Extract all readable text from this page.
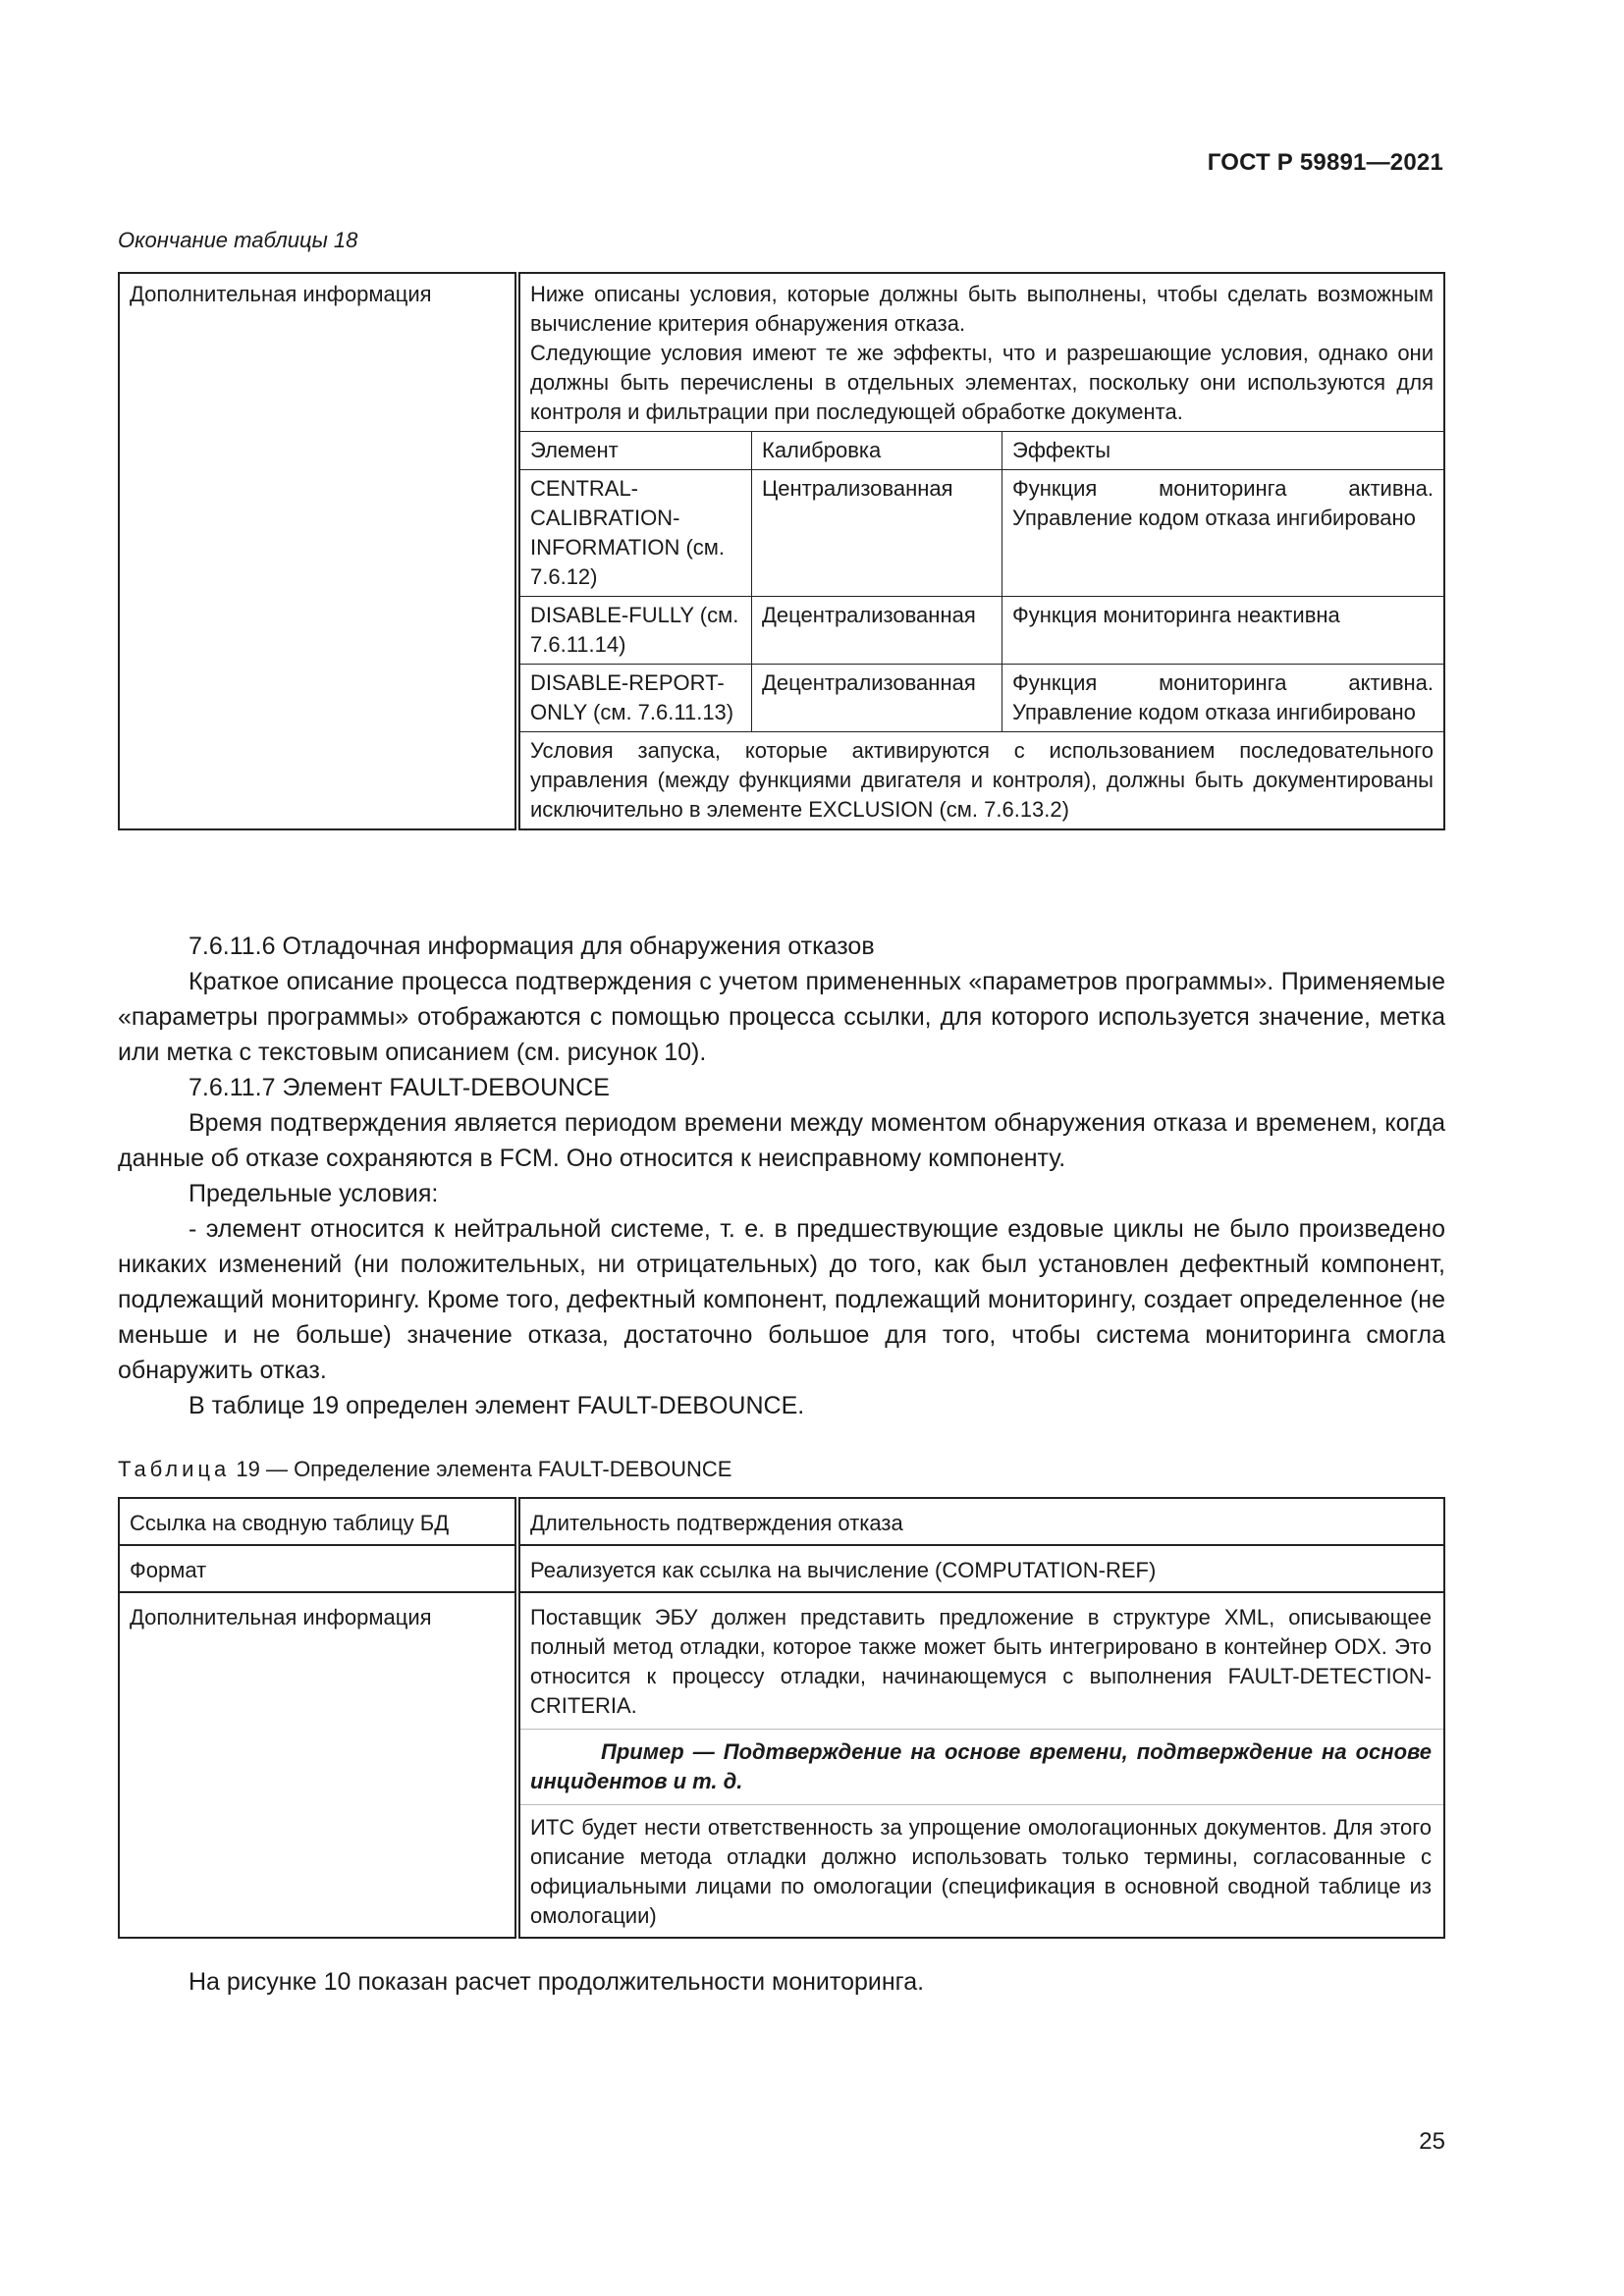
ГОСТ Р 59891—2021
Окончание таблицы 18
Дополнительная информация	Ниже описаны условия, которые должны быть выполнены, чтобы сделать возможным вычисление критерия обнаружения отказа.
Следующие условия имеют те же эффекты, что и разрешающие условия, однако они должны быть перечислены в отдельных элементах, поскольку они используются для контроля и фильтрации при последующей обработке документа.
Элемент	Калибровка	Эффекты
CENTRAL-CALIBRATION-INFORMATION (см. 7.6.12)	Централизованная	Функция мониторинга активна. Управление кодом отказа ингибировано
DISABLE-FULLY (см. 7.6.11.14)	Децентрализованная	Функция мониторинга неактивна
DISABLE-REPORT-ONLY (см. 7.6.11.13)	Децентрализованная	Функция мониторинга активна. Управление кодом отказа ингибировано
Условия запуска, которые активируются с использованием последовательного управления (между функциями двигателя и контроля), должны быть документированы исключительно в элементе EXCLUSION (см. 7.6.13.2)

7.6.11.6 Отладочная информация для обнаружения отказов

Краткое описание процесса подтверждения с учетом примененных «параметров программы». Применяемые «параметры программы» отображаются с помощью процесса ссылки, для которого используется значение, метка или метка с текстовым описанием (см. рисунок 10).

7.6.11.7 Элемент FAULT-DEBOUNCE

Время подтверждения является периодом времени между моментом обнаружения отказа и временем, когда данные об отказе сохраняются в FCM. Оно относится к неисправному компоненту.

Предельные условия:

- элемент относится к нейтральной системе, т. е. в предшествующие ездовые циклы не было произведено никаких изменений (ни положительных, ни отрицательных) до того, как был установлен дефектный компонент, подлежащий мониторингу. Кроме того, дефектный компонент, подлежащий мониторингу, создает определенное (не меньше и не больше) значение отказа, достаточно большое для того, чтобы система мониторинга смогла обнаружить отказ.

В таблице 19 определен элемент FAULT-DEBOUNCE.

Таблица 19 — Определение элемента FAULT-DEBOUNCE
Ссылка на сводную таблицу БД	Длительность подтверждения отказа
Формат	Реализуется как ссылка на вычисление (COMPUTATION-REF)
Дополнительная информация	Поставщик ЭБУ должен представить предложение в структуре XML, описывающее полный метод отладки, которое также может быть интегрировано в контейнер ODX. Это относится к процессу отладки, начинающемуся с выполнения FAULT-DETECTION-CRITERIA.
Пример — Подтверждение на основе времени, подтверждение на основе инцидентов и т. д.
ИТС будет нести ответственность за упрощение омологационных документов. Для этого описание метода отладки должно использовать только термины, согласованные с официальными лицами по омологации (спецификация в основной сводной таблице из омологации)
На рисунке 10 показан расчет продолжительности мониторинга.
25
